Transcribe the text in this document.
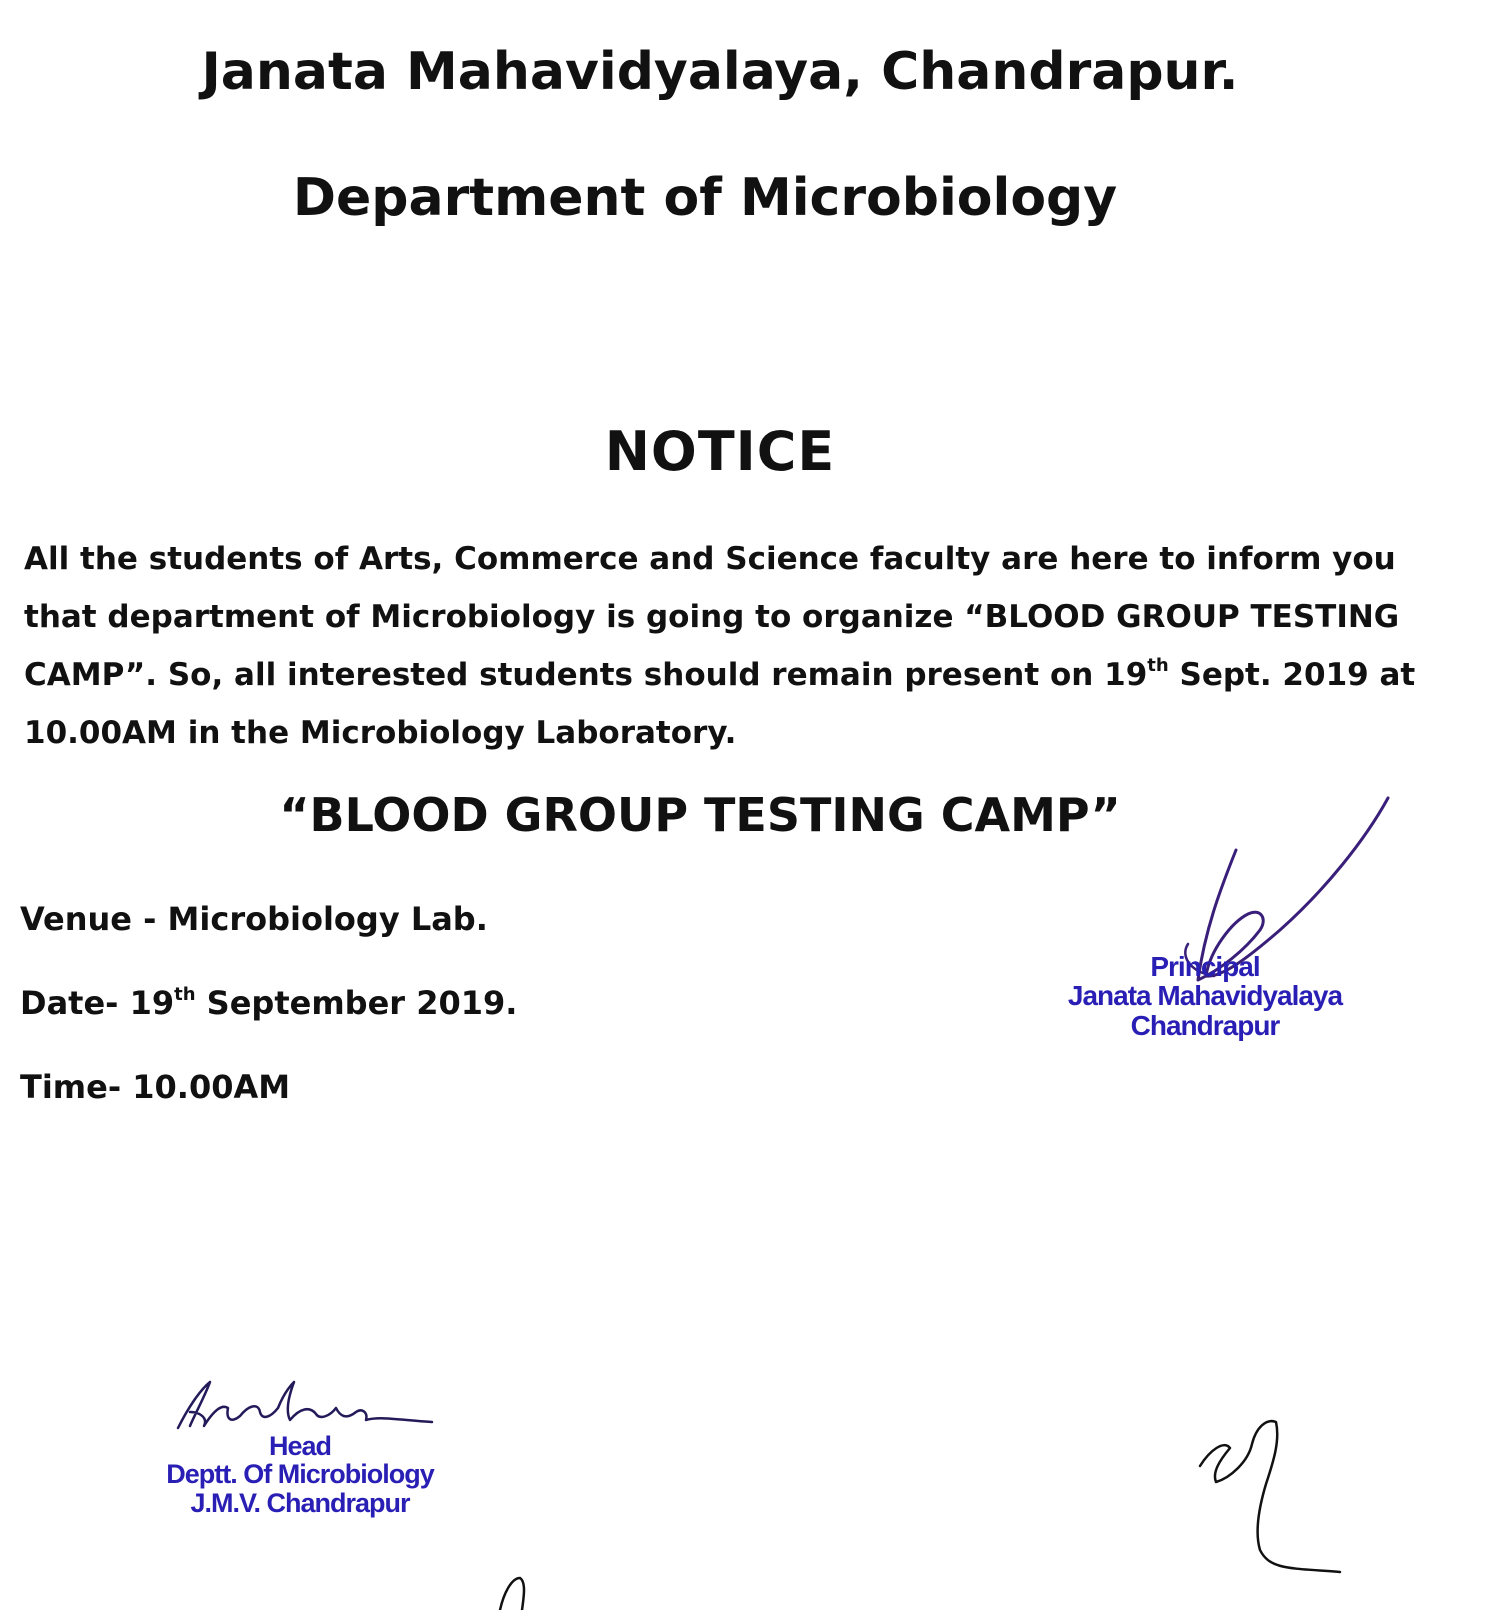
Janata Mahavidyalaya, Chandrapur.
Department of Microbiology
NOTICE
All the students of Arts, Commerce and Science faculty are here to inform you
that department of Microbiology is going to organize “BLOOD GROUP TESTING
CAMP”. So, all interested students should remain present on 19th Sept. 2019 at
10.00AM in the Microbiology Laboratory.
“BLOOD GROUP TESTING CAMP”
Venue - Microbiology Lab.
Date- 19th September 2019.
Time- 10.00AM
Principal
Janata Mahavidyalaya
Chandrapur
Head
Deptt. Of Microbiology
J.M.V. Chandrapur
